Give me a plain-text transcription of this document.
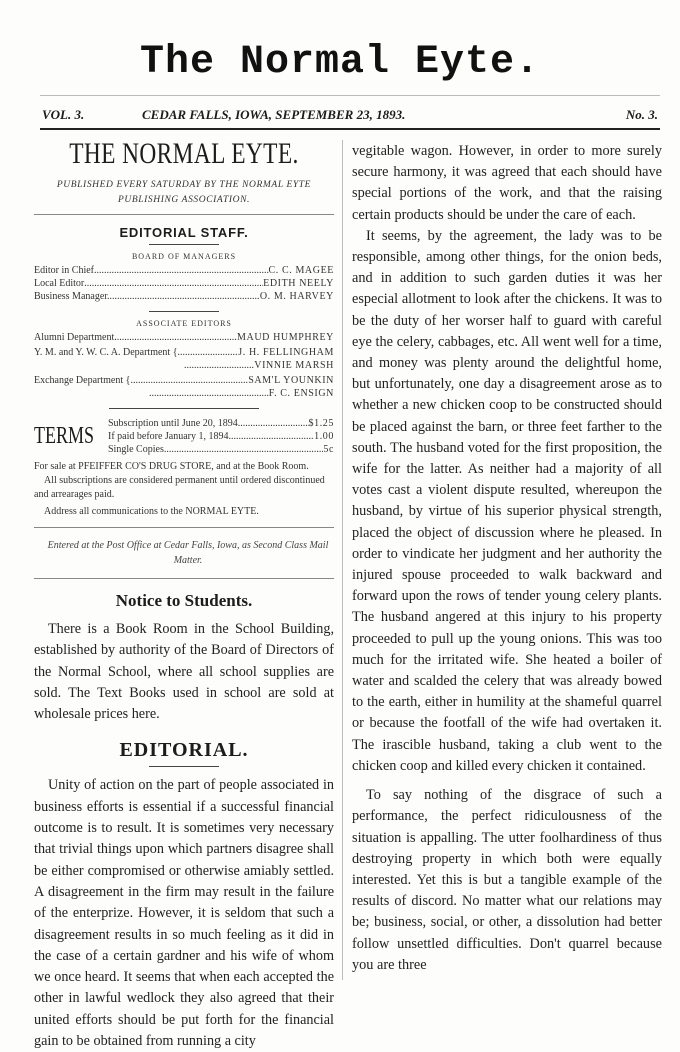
The Normal Eyte.
VOL. 3.	CEDAR FALLS, IOWA, SEPTEMBER 23, 1893.	No. 3.
THE NORMAL EYTE.
PUBLISHED EVERY SATURDAY BY THE NORMAL EYTE
PUBLISHING ASSOCIATION.
EDITORIAL STAFF.
BOARD OF MANAGERS
Editor in Chief .....	C. C. MAGEE
Local Editor .....	EDITH NEELY
Business Manager. .....	O. M. HARVEY
ASSOCIATE EDITORS
Alumni Department .....	MAUD HUMPHREY
Y. M. and Y. W. C. A. Department { .....	J. H. FELLINGHAM
.....
VINNIE MARSH
Exchange Department { .....	SAM'L YOUNKIN
.....
F. C. ENSIGN
TERMS	Subscription until June 20, 1894 .....	$1.25
If paid before January 1, 1894 .....	1.00
Single Copies .....	5c
For sale at PFEIFFER CO'S DRUG STORE, and at the Book Room.
All subscriptions are considered permanent until ordered discontinued and arrearages paid.
Address all communications to the NORMAL EYTE.
Entered at the Post Office at Cedar Falls, Iowa, as Second Class Mail Matter.
Notice to Students.

There is a Book Room in the School Building, established by authority of the Board of Directors of the Normal School, where all school supplies are sold. The Text Books used in school are sold at wholesale prices here.

EDITORIAL.

Unity of action on the part of people associated in business efforts is essential if a successful financial outcome is to result. It is sometimes very necessary that trivial things upon which partners disagree shall be either compromised or otherwise amiably settled. A disagreement in the firm may result in the failure of the enterprize. However, it is seldom that such a disagreement results in so much feeling as it did in the case of a certain gardner and his wife of whom we once heard. It seems that when each accepted the other in lawful wedlock they also agreed that their united efforts should be put forth for the financial gain to be obtained from running a city

vegitable wagon. However, in order to more surely secure harmony, it was agreed that each should have special portions of the work, and that the raising certain products should be under the care of each.

It seems, by the agreement, the lady was to be responsible, among other things, for the onion beds, and in addition to such garden duties it was her especial allotment to look after the chickens. It was to be the duty of her worser half to guard with careful eye the celery, cabbages, etc. All went well for a time, and money was plenty around the delightful home, but unfortunately, one day a disagreement arose as to whether a new chicken coop to be constructed should be placed against the barn, or three feet farther to the south. The husband voted for the first proposition, the wife for the latter. As neither had a majority of all votes cast a violent dispute resulted, whereupon the husband, by virtue of his superior physical strength, placed the object of discussion where he pleased. In order to vindicate her judgment and her authority the injured spouse proceeded to walk backward and forward upon the rows of tender young celery plants. The husband angered at this injury to his property proceeded to pull up the young onions. This was too much for the irritated wife. She heated a boiler of water and scalded the celery that was already bowed to the earth, either in humility at the shameful quarrel or because the footfall of the wife had overtaken it. The irascible husband, taking a club went to the chicken coop and killed every chicken it contained.

To say nothing of the disgrace of such a performance, the perfect ridiculousness of the situation is appalling. The utter foolhardiness of thus destroying property in which both were equally interested. Yet this is but a tangible example of the results of discord. No matter what our relations may be; business, social, or other, a dissolution had better follow unsettled difficulties. Don't quarrel because you are three
